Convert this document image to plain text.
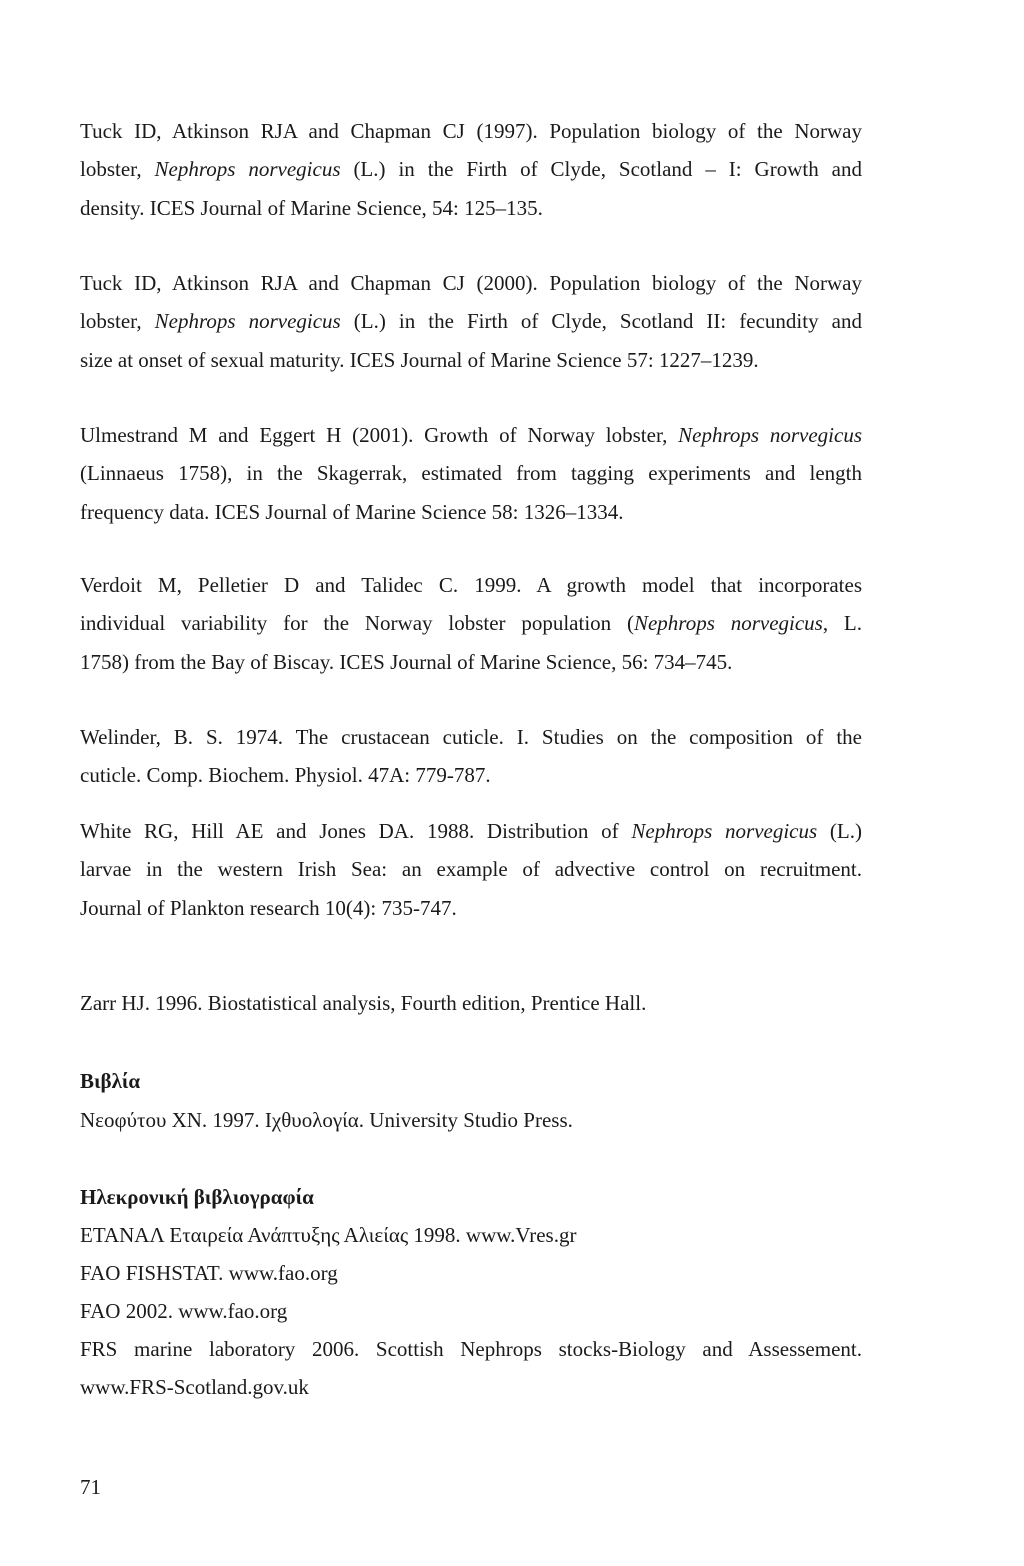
Tuck ID, Atkinson RJA and Chapman CJ (1997). Population biology of the Norway
lobster, Nephrops norvegicus (L.) in the Firth of Clyde, Scotland – I: Growth and
density. ICES Journal of Marine Science, 54: 125–135.

Tuck ID, Atkinson RJA and Chapman CJ (2000). Population biology of the Norway
lobster, Nephrops norvegicus (L.) in the Firth of Clyde, Scotland II: fecundity and
size at onset of sexual maturity. ICES Journal of Marine Science 57: 1227–1239.

Ulmestrand M and Eggert H (2001). Growth of Norway lobster, Nephrops norvegicus
(Linnaeus 1758), in the Skagerrak, estimated from tagging experiments and length
frequency data. ICES Journal of Marine Science 58: 1326–1334.

Verdoit M, Pelletier D and Talidec C. 1999. A growth model that incorporates
individual variability for the Norway lobster population (Nephrops norvegicus, L.
1758) from the Bay of Biscay. ICES Journal of Marine Science, 56: 734–745.

Welinder, B. S. 1974. The crustacean cuticle. I. Studies on the composition of the
cuticle. Comp. Biochem. Physiol. 47A: 779-787.

White RG, Hill AE and Jones DA. 1988. Distribution of Nephrops norvegicus (L.)
larvae in the western Irish Sea: an example of advective control on recruitment.
Journal of Plankton research 10(4): 735-747.

Zarr HJ. 1996. Biostatistical analysis, Fourth edition, Prentice Hall.

Βιβλία

Νεοφύτου ΧΝ. 1997. Ιχθυολογία. University Studio Press.

Ηλεκρονική βιβλιογραφία

ΕΤΑΝΑΛ Εταιρεία Ανάπτυξης Αλιείας 1998. www.Vres.gr

FAO FISHSTAT. www.fao.org

FAO 2002. www.fao.org

FRS marine laboratory 2006. Scottish Nephrops stocks-Biology and Assessement.

www.FRS-Scotland.gov.uk

71
